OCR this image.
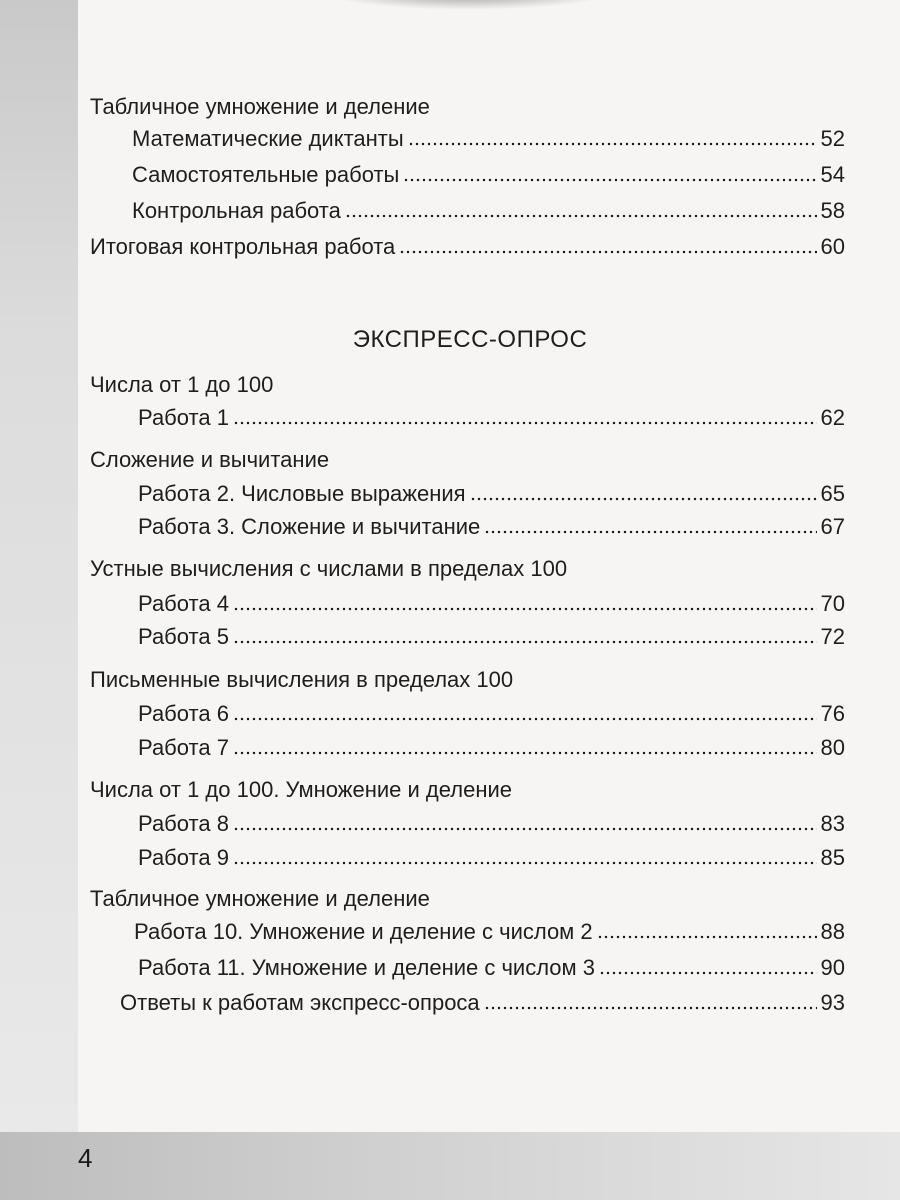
Табличное умножение и деление
Математические диктанты	52
Самостоятельные работы	54
Контрольная работа	58
Итоговая контрольная работа	60
ЭКСПРЕСС-ОПРОС
Числа от 1 до 100
Работа 1	62
Сложение и вычитание
Работа 2. Числовые выражения	65
Работа 3. Сложение и вычитание	67
Устные вычисления с числами в пределах 100
Работа 4	70
Работа 5	72
Письменные вычисления в пределах 100
Работа 6	76
Работа 7	80
Числа от 1 до 100. Умножение и деление
Работа 8	83
Работа 9	85
Табличное умножение и деление
Работа 10. Умножение и деление с числом 2	88
Работа 11. Умножение и деление с числом 3	90
Ответы к работам экспресс-опроса	93
4
